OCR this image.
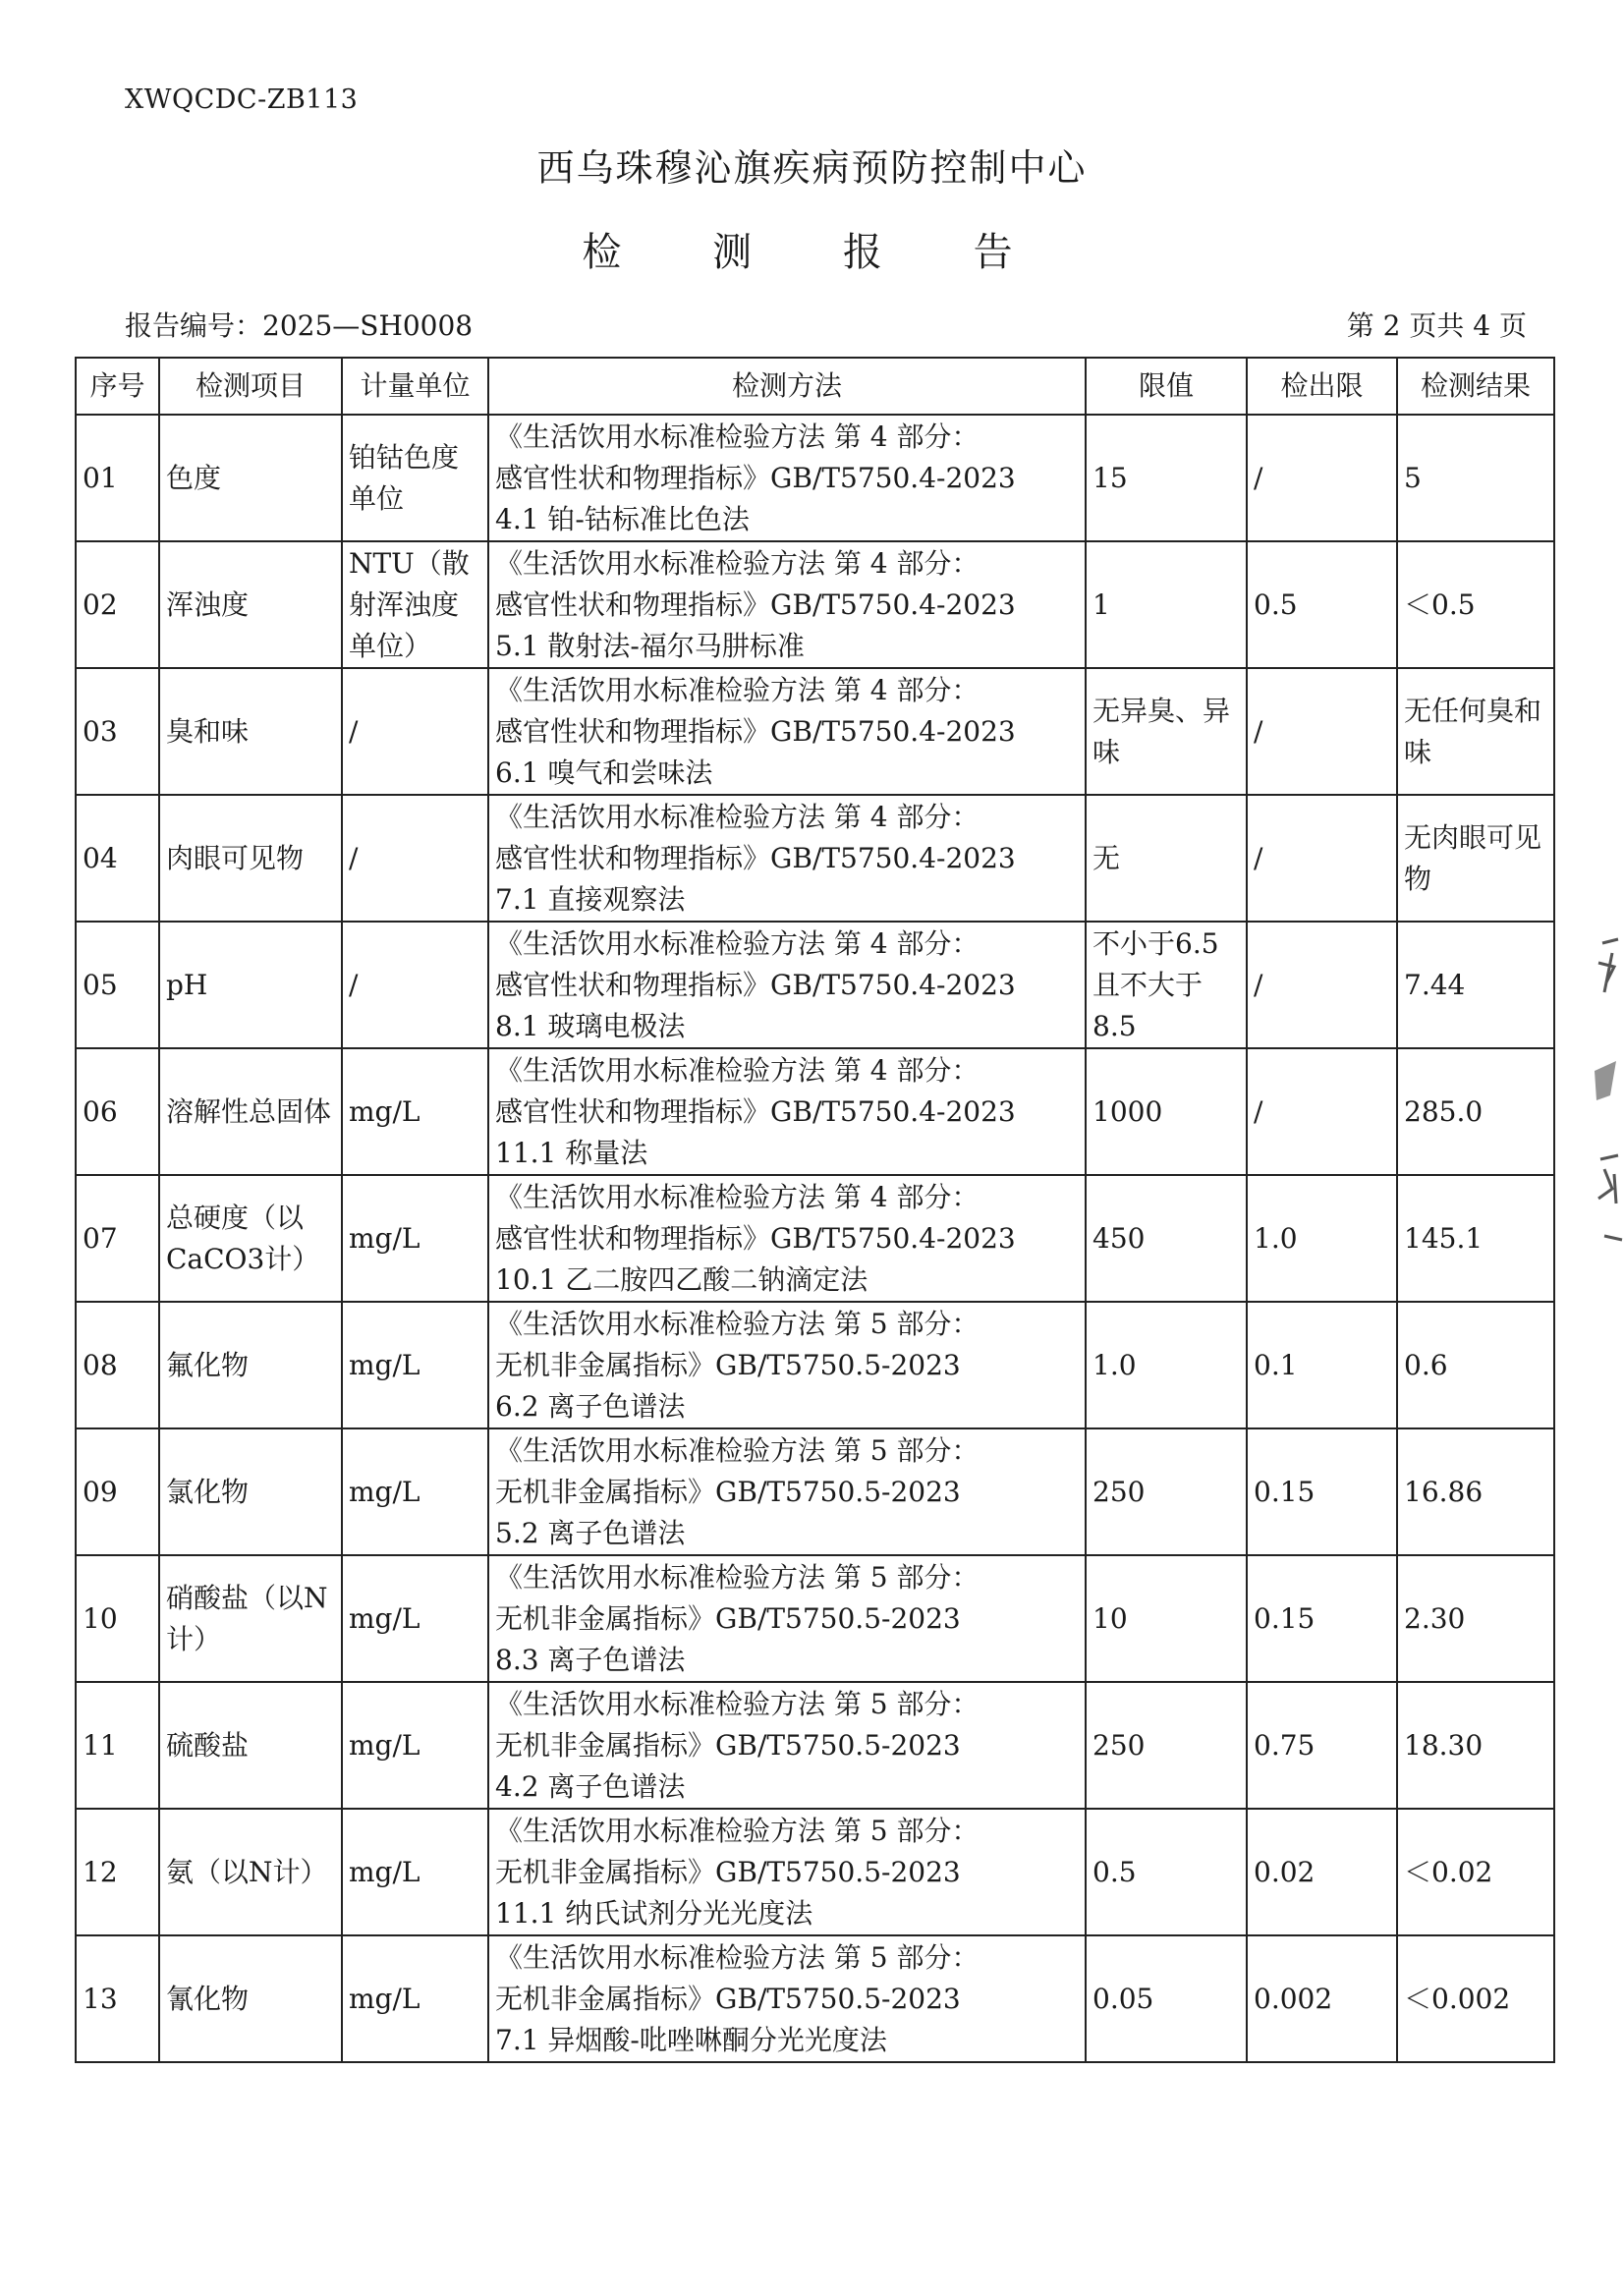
XWQCDC-ZB113
西乌珠穆沁旗疾病预防控制中心
检 测 报 告
报告编号：2025—SH0008	第 2 页共 4 页
序号	检测项目	计量单位	检测方法	限值	检出限	检测结果
01	色度	铂钴色度单位	《生活饮用水标准检验方法 第 4 部分：
感官性状和物理指标》GB/T5750.4-2023
4.1 铂-钴标准比色法	15	/	5
02	浑浊度	NTU（散射浑浊度单位）	《生活饮用水标准检验方法 第 4 部分：
感官性状和物理指标》GB/T5750.4-2023
5.1 散射法-福尔马肼标准	1	0.5	＜0.5
03	臭和味	/	《生活饮用水标准检验方法 第 4 部分：
感官性状和物理指标》GB/T5750.4-2023
6.1 嗅气和尝味法	无异臭、异味	/	无任何臭和味
04	肉眼可见物	/	《生活饮用水标准检验方法 第 4 部分：
感官性状和物理指标》GB/T5750.4-2023
7.1 直接观察法	无	/	无肉眼可见物
05	pH	/	《生活饮用水标准检验方法 第 4 部分：
感官性状和物理指标》GB/T5750.4-2023
8.1 玻璃电极法	不小于6.5且不大于8.5	/	7.44
06	溶解性总固体	mg/L	《生活饮用水标准检验方法 第 4 部分：
感官性状和物理指标》GB/T5750.4-2023
11.1 称量法	1000	/	285.0
07	总硬度（以CaCO3计）	mg/L	《生活饮用水标准检验方法 第 4 部分：
感官性状和物理指标》GB/T5750.4-2023
10.1 乙二胺四乙酸二钠滴定法	450	1.0	145.1
08	氟化物	mg/L	《生活饮用水标准检验方法 第 5 部分：
无机非金属指标》GB/T5750.5-2023
6.2 离子色谱法	1.0	0.1	0.6
09	氯化物	mg/L	《生活饮用水标准检验方法 第 5 部分：
无机非金属指标》GB/T5750.5-2023
5.2 离子色谱法	250	0.15	16.86
10	硝酸盐（以N计）	mg/L	《生活饮用水标准检验方法 第 5 部分：
无机非金属指标》GB/T5750.5-2023
8.3 离子色谱法	10	0.15	2.30
11	硫酸盐	mg/L	《生活饮用水标准检验方法 第 5 部分：
无机非金属指标》GB/T5750.5-2023
4.2 离子色谱法	250	0.75	18.30
12	氨（以N计）	mg/L	《生活饮用水标准检验方法 第 5 部分：
无机非金属指标》GB/T5750.5-2023
11.1 纳氏试剂分光光度法	0.5	0.02	＜0.02
13	氰化物	mg/L	《生活饮用水标准检验方法 第 5 部分：
无机非金属指标》GB/T5750.5-2023
7.1 异烟酸-吡唑啉酮分光光度法	0.05	0.002	＜0.002
